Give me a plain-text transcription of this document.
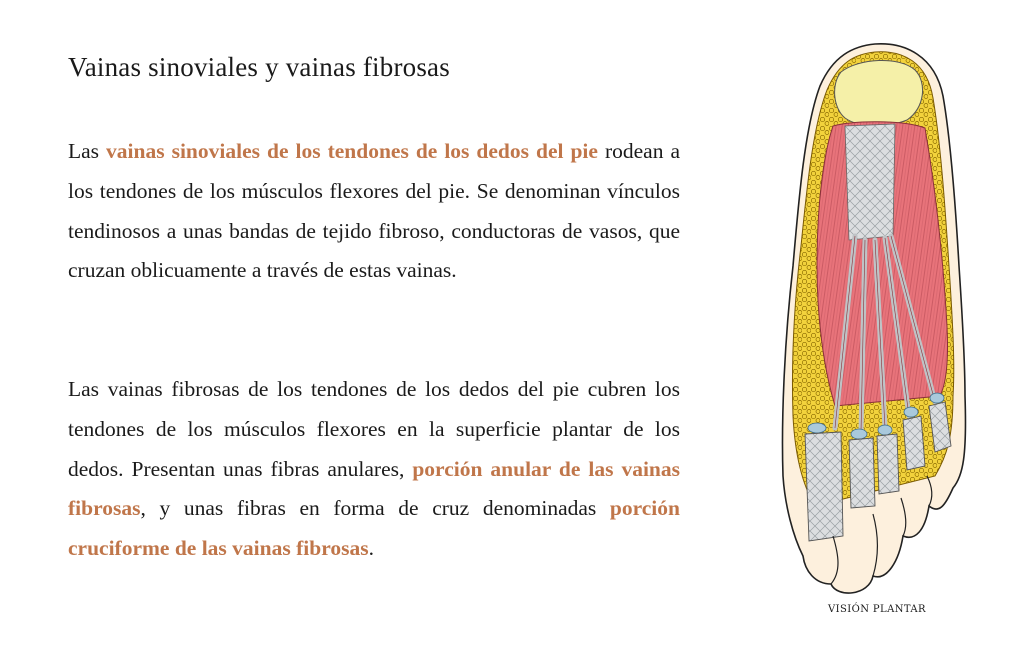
Vainas sinoviales y vainas fibrosas

Las vainas sinoviales de los tendones de los dedos del pie rodean a los tendones de los músculos flexores del pie. Se denominan vínculos tendinosos a unas bandas de tejido fibroso, conductoras de vasos, que cruzan oblicuamente a través de estas vainas.

Las vainas fibrosas de los tendones de los dedos del pie cubren los tendones de los músculos flexores en la superficie plantar de los dedos. Presentan unas fibras anulares, porción anular de las vainas fibrosas, y unas fibras en forma de cruz denominadas porción cruciforme de las vainas fibrosas.

VISIÓN PLANTAR
